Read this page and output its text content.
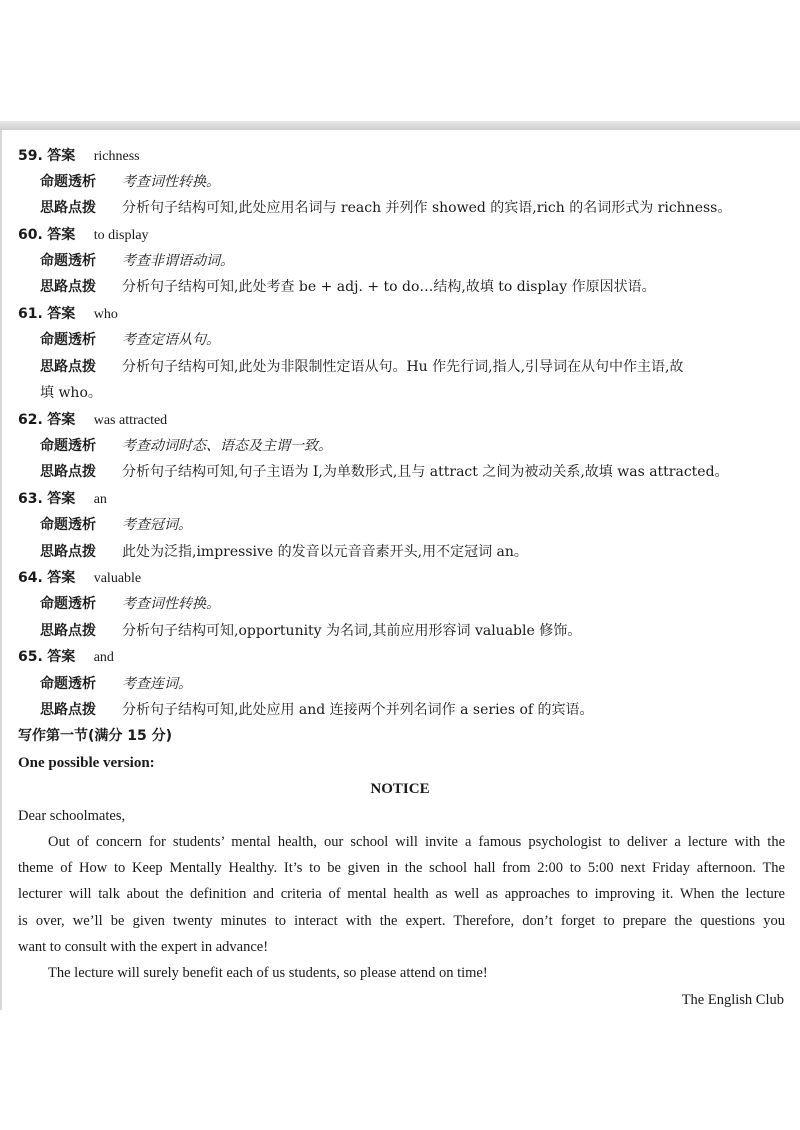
59. 答案 richness
命题透析 考查词性转换。
思路点拨 分析句子结构可知,此处应用名词与 reach 并列作 showed 的宾语,rich 的名词形式为 richness。
60. 答案 to display
命题透析 考查非谓语动词。
思路点拨 分析句子结构可知,此处考查 be + adj. + to do…结构,故填 to display 作原因状语。
61. 答案 who
命题透析 考查定语从句。
思路点拨 分析句子结构可知,此处为非限制性定语从句。Hu 作先行词,指人,引导词在从句中作主语,故
填 who。
62. 答案 was attracted
命题透析 考查动词时态、语态及主谓一致。
思路点拨 分析句子结构可知,句子主语为 I,为单数形式,且与 attract 之间为被动关系,故填 was attracted。
63. 答案 an
命题透析 考查冠词。
思路点拨 此处为泛指,impressive 的发音以元音音素开头,用不定冠词 an。
64. 答案 valuable
命题透析 考查词性转换。
思路点拨 分析句子结构可知,opportunity 为名词,其前应用形容词 valuable 修饰。
65. 答案 and
命题透析 考查连词。
思路点拨 分析句子结构可知,此处应用 and 连接两个并列名词作 a series of 的宾语。
写作第一节(满分 15 分)
One possible version:
NOTICE
Dear schoolmates,
Out of concern for students’ mental health, our school will invite a famous psychologist to deliver a lecture with the
theme of How to Keep Mentally Healthy. It’s to be given in the school hall from 2:00 to 5:00 next Friday afternoon. The
lecturer will talk about the definition and criteria of mental health as well as approaches to improving it. When the lecture
is over, we’ll be given twenty minutes to interact with the expert. Therefore, don’t forget to prepare the questions you
want to consult with the expert in advance!
The lecture will surely benefit each of us students, so please attend on time!
The English Club
